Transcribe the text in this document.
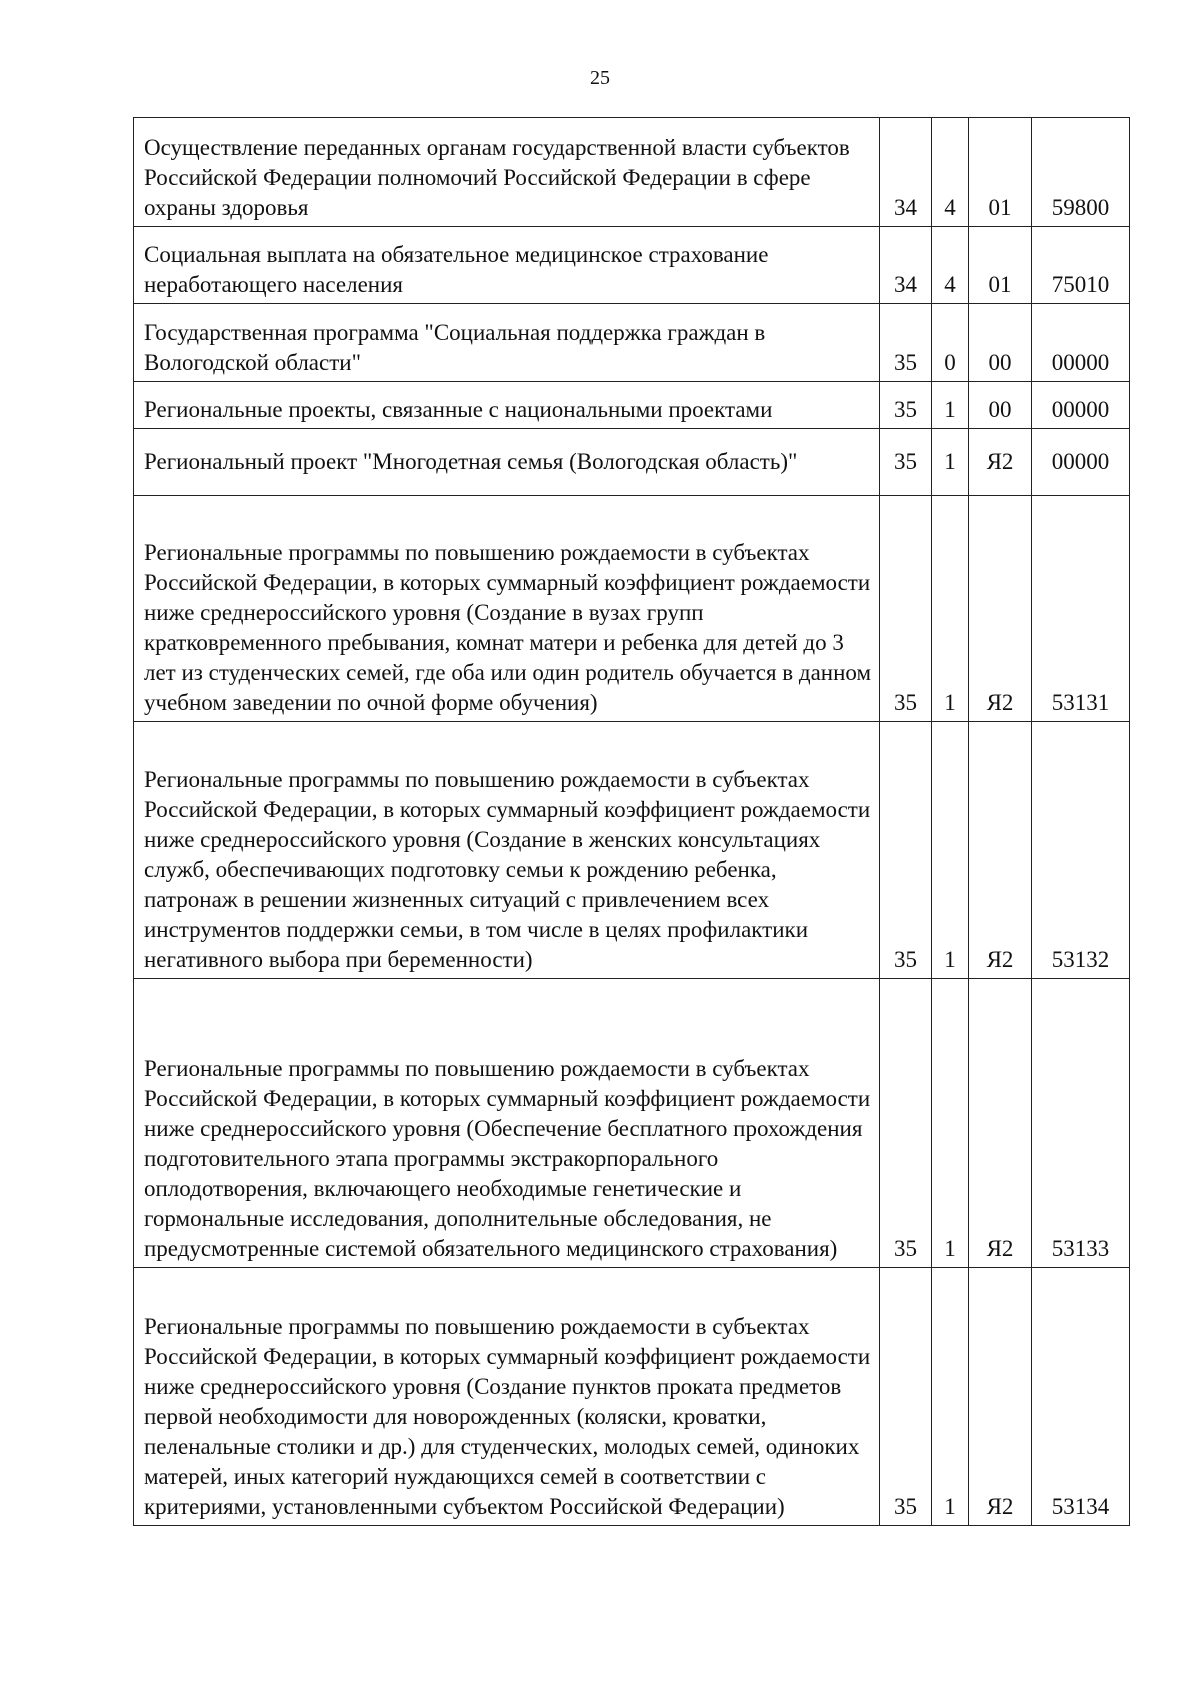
25
Осуществление переданных органам государственной власти субъектов Российской Федерации полномочий Российской Федерации в сфере охраны здоровья	34	4	01	59800
Социальная выплата на обязательное медицинское страхование неработающего населения	34	4	01	75010
Государственная программа "Социальная поддержка граждан в Вологодской области"	35	0	00	00000
Региональные проекты, связанные с национальными проектами	35	1	00	00000
Региональный проект "Многодетная семья (Вологодская область)"	35	1	Я2	00000
Региональные программы по повышению рождаемости в субъектах Российской Федерации, в которых суммарный коэффициент рождаемости ниже среднероссийского уровня (Создание в вузах групп кратковременного пребывания, комнат матери и ребенка для детей до 3 лет из студенческих семей, где оба или один родитель обучается в данном учебном заведении по очной форме обучения)	35	1	Я2	53131
Региональные программы по повышению рождаемости в субъектах Российской Федерации, в которых суммарный коэффициент рождаемости ниже среднероссийского уровня (Создание в женских консультациях служб, обеспечивающих подготовку семьи к рождению ребенка, патронаж в решении жизненных ситуаций с привлечением всех инструментов поддержки семьи, в том числе в целях профилактики негативного выбора при беременности)	35	1	Я2	53132
Региональные программы по повышению рождаемости в субъектах Российской Федерации, в которых суммарный коэффициент рождаемости ниже среднероссийского уровня (Обеспечение бесплатного прохождения подготовительного этапа программы экстракорпорального оплодотворения, включающего необходимые генетические и гормональные исследования, дополнительные обследования, не предусмотренные системой обязательного медицинского страхования)	35	1	Я2	53133
Региональные программы по повышению рождаемости в субъектах Российской Федерации, в которых суммарный коэффициент рождаемости ниже среднероссийского уровня (Создание пунктов проката предметов первой необходимости для новорожденных (коляски, кроватки, пеленальные столики и др.) для студенческих, молодых семей, одиноких матерей, иных категорий нуждающихся семей в соответствии с критериями, установленными субъектом Российской Федерации)	35	1	Я2	53134
